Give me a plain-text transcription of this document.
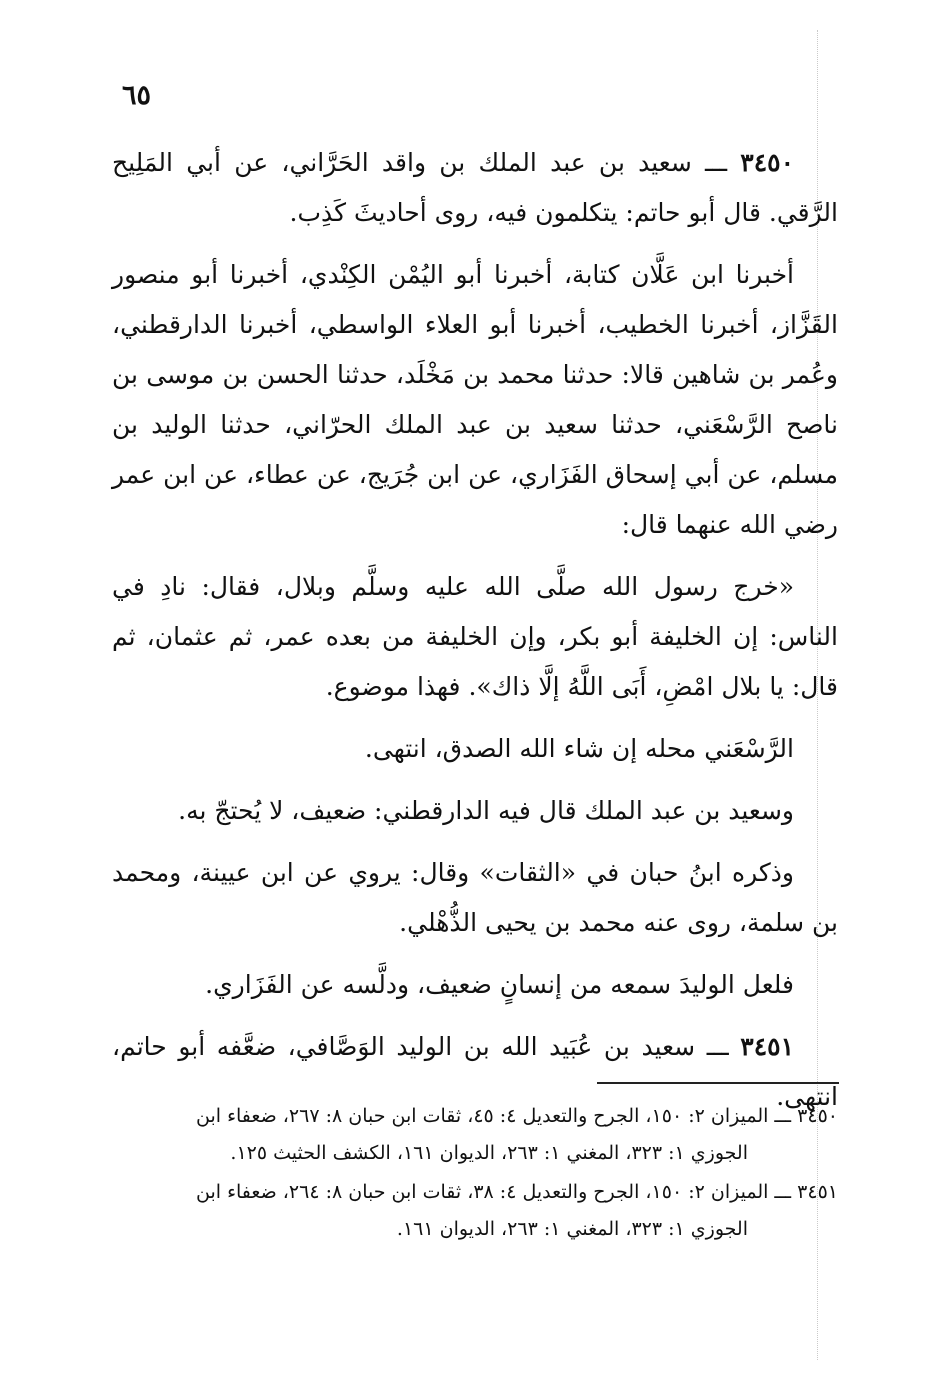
٦٥

٣٤٥٠ ـــ سعيد بن عبد الملك بن واقد الحَرَّاني، عن أبي المَلِيح الرَّقي. قال أبو حاتم: يتكلمون فيه، روى أحاديثَ كَذِب.

أخبرنا ابن عَلَّان كتابة، أخبرنا أبو اليُمْن الكِنْدي، أخبرنا أبو منصور القَزَّاز، أخبرنا الخطيب، أخبرنا أبو العلاء الواسطي، أخبرنا الدارقطني، وعُمر بن شاهين قالا: حدثنا محمد بن مَخْلَد، حدثنا الحسن بن موسى بن ناصح الرَّسْعَني، حدثنا سعيد بن عبد الملك الحرّاني، حدثنا الوليد بن مسلم، عن أبي إسحاق الفَزَاري، عن ابن جُرَيج، عن عطاء، عن ابن عمر رضي الله عنهما قال:

«خرج رسول الله صلَّى الله عليه وسلَّم وبلال، فقال: نادِ في الناس: إن الخليفة أبو بكر، وإن الخليفة من بعده عمر، ثم عثمان، ثم قال: يا بلال امْضِ، أَبَى اللَّهُ إلَّا ذاك». فهذا موضوع.

الرَّسْعَني محله إن شاء الله الصدق، انتهى.

وسعيد بن عبد الملك قال فيه الدارقطني: ضعيف، لا يُحتجّ به.

وذكره ابنُ حبان في «الثقات» وقال: يروي عن ابن عيينة، ومحمد بن سلمة، روى عنه محمد بن يحيى الذُّهْلي.

فلعل الوليدَ سمعه من إنسانٍ ضعيف، ودلَّسه عن الفَزَاري.

٣٤٥١ ـــ سعيد بن عُبَيد الله بن الوليد الوَصَّافي، ضعَّفه أبو حاتم، انتهى.

٣٤٥٠ ـــ الميزان ٢: ١٥٠، الجرح والتعديل ٤: ٤٥، ثقات ابن حبان ٨: ٢٦٧، ضعفاء ابن
الجوزي ١: ٣٢٣، المغني ١: ٢٦٣، الديوان ١٦١، الكشف الحثيث ١٢٥.
٣٤٥١ ـــ الميزان ٢: ١٥٠، الجرح والتعديل ٤: ٣٨، ثقات ابن حبان ٨: ٢٦٤، ضعفاء ابن
الجوزي ١: ٣٢٣، المغني ١: ٢٦٣، الديوان ١٦١.
